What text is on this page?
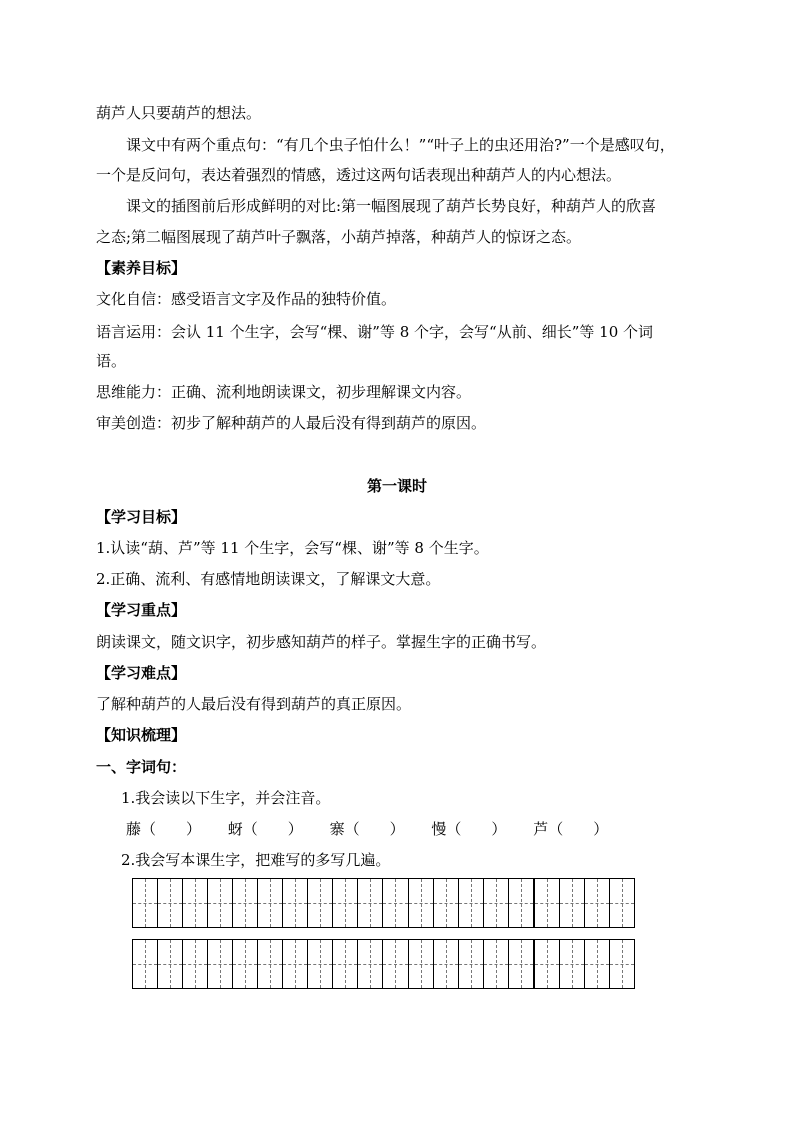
葫芦人只要葫芦的想法。
课文中有两个重点句：“有几个虫子怕什么！”“叶子上的虫还用治?”一个是感叹句，
一个是反问句，表达着强烈的情感，透过这两句话表现出种葫芦人的内心想法。
课文的插图前后形成鲜明的对比:第一幅图展现了葫芦长势良好，种葫芦人的欣喜
之态;第二幅图展现了葫芦叶子飘落，小葫芦掉落，种葫芦人的惊讶之态。
【素养目标】
文化自信：感受语言文字及作品的独特价值。
语言运用：会认 11 个生字，会写“棵、谢”等 8 个字，会写“从前、细长”等 10 个词
语。
思维能力：正确、流利地朗读课文，初步理解课文内容。
审美创造：初步了解种葫芦的人最后没有得到葫芦的原因。
第一课时
【学习目标】
1.认读“葫、芦”等 11 个生字，会写“棵、谢”等 8 个生字。
2.正确、流利、有感情地朗读课文，了解课文大意。
【学习重点】
朗读课文，随文识字，初步感知葫芦的样子。掌握生字的正确书写。
【学习难点】
了解种葫芦的人最后没有得到葫芦的真正原因。
【知识梳理】
一、字词句：
1.我会读以下生字，并会注音。
藤（　　） 蚜（　　） 寨（　　） 慢（　　） 芦（　　）
2.我会写本课生字，把难写的多写几遍。
